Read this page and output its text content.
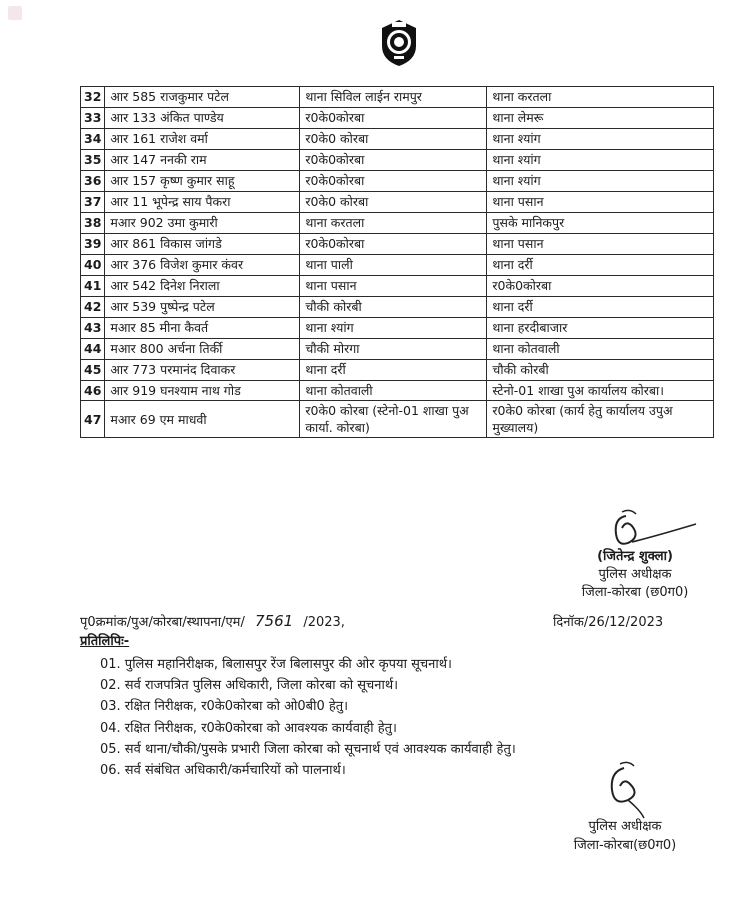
32	आर 585 राजकुमार पटेल	थाना सिविल लाईन रामपुर	थाना करतला
33	आर 133 अंकित पाण्डेय	र0के0कोरबा	थाना लेमरू
34	आर 161 राजेश वर्मा	र0के0 कोरबा	थाना श्यांग
35	आर 147 ननकी राम	र0के0कोरबा	थाना श्यांग
36	आर 157 कृष्ण कुमार साहू	र0के0कोरबा	थाना श्यांग
37	आर 11 भूपेन्द्र साय पैकरा	र0के0 कोरबा	थाना पसान
38	मआर 902 उमा कुमारी	थाना करतला	पुसके मानिकपुर
39	आर 861 विकास जांगडे	र0के0कोरबा	थाना पसान
40	आर 376 विजेश कुमार कंवर	थाना पाली	थाना दर्री
41	आर 542 दिनेश निराला	थाना पसान	र0के0कोरबा
42	आर 539 पुष्पेन्द्र पटेल	चौकी कोरबी	थाना दर्री
43	मआर 85 मीना कैवर्त	थाना श्यांग	थाना हरदीबाजार
44	मआर 800 अर्चना तिर्की	चौकी मोरगा	थाना कोतवाली
45	आर 773 परमानंद दिवाकर	थाना दर्री	चौकी कोरबी
46	आर 919 घनश्याम नाथ गोड	थाना कोतवाली	स्टेनो-01 शाखा पुअ कार्यालय कोरबा।
47	मआर 69 एम माधवी	र0के0 कोरबा (स्टेनो-01 शाखा पुअ कार्या. कोरबा)	र0के0 कोरबा (कार्य हेतु कार्यालय उपुअ मुख्यालय)
(जितेन्द्र शुक्ला)
पुलिस अधीक्षक
जिला-कोरबा (छ0ग0)
पृ0क्रमांक/पुअ/कोरबा/स्थापना/एम/ 7561 /2023,	दिनॉक/26/12/2023
प्रतिलिपिः-
01. पुलिस महानिरीक्षक, बिलासपुर रेंज बिलासपुर की ओर कृपया सूचनार्थ।
02. सर्व राजपत्रित पुलिस अधिकारी, जिला कोरबा को सूचनार्थ।
03. रक्षित निरीक्षक, र0के0कोरबा को ओ0बी0 हेतु।
04. रक्षित निरीक्षक, र0के0कोरबा को आवश्यक कार्यवाही हेतु।
05. सर्व थाना/चौकी/पुसके प्रभारी जिला कोरबा को सूचनार्थ एवं आवश्यक कार्यवाही हेतु।
06. सर्व संबंधित अधिकारी/कर्मचारियों को पालनार्थ।
पुलिस अधीक्षक
जिला-कोरबा(छ0ग0)
